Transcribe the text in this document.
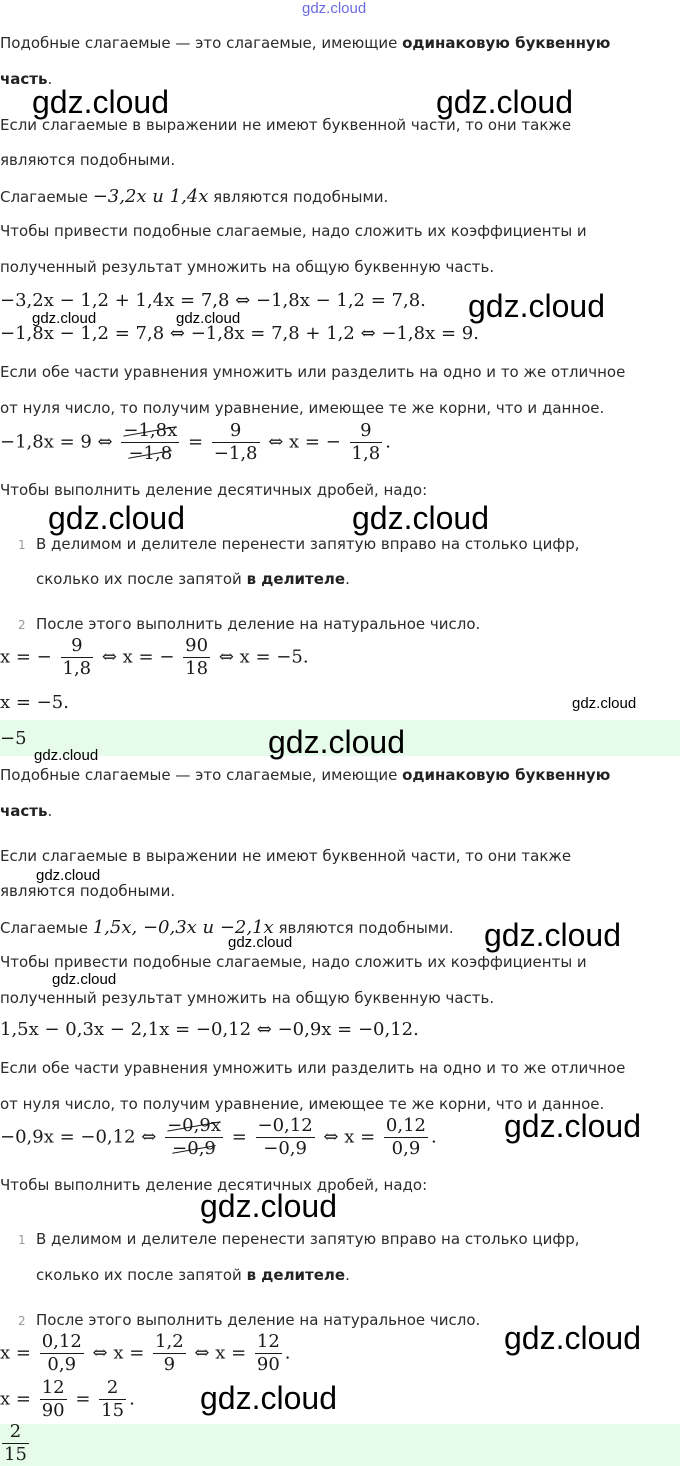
gdz.cloud
Подобные слагаемые — это слагаемые, имеющие одинаковую буквенную
часть.
Если слагаемые в выражении не имеют буквенной части, то они также
являются подобными.
Слагаемые −3,2x и 1,4x являются подобными.
Чтобы привести подобные слагаемые, надо сложить их коэффициенты и
полученный результат умножить на общую буквенную часть.
−3,2x − 1,2 + 1,4x = 7,8 ⇔ −1,8x − 1,2 = 7,8.
−1,8x − 1,2 = 7,8 ⇔ −1,8x = 7,8 + 1,2 ⇔ −1,8x = 9.
Если обе части уравнения умножить или разделить на одно и то же отличное
от нуля число, то получим уравнение, имеющее те же корни, что и данное.
−1,8x = 9 ⇔ $\frac{-1,8x}{-1,8} = \frac{9}{-1,8}$ ⇔ x = − $\frac{9}{1,8}$ .
Чтобы выполнить деление десятичных дробей, надо:
1 В делимом и делителе перенести запятую вправо на столько цифр,
сколько их после запятой в делителе.
2 После этого выполнить деление на натуральное число.
x = − $\frac{9}{1,8}$ ⇔ x = − $\frac{90}{18}$ ⇔ x = −5.
x = −5.
−5
Подобные слагаемые — это слагаемые, имеющие одинаковую буквенную
часть.
Если слагаемые в выражении не имеют буквенной части, то они также
являются подобными.
Слагаемые 1,5x, −0,3x и −2,1x являются подобными.
Чтобы привести подобные слагаемые, надо сложить их коэффициенты и
полученный результат умножить на общую буквенную часть.
1,5x − 0,3x − 2,1x = −0,12 ⇔ −0,9x = −0,12.
Если обе части уравнения умножить или разделить на одно и то же отличное
от нуля число, то получим уравнение, имеющее те же корни, что и данное.
−0,9x = −0,12 ⇔ $\frac{-0,9x}{-0,9} = \frac{-0,12}{-0,9}$ ⇔ $x = \frac{0,12}{0,9}$ .
Чтобы выполнить деление десятичных дробей, надо:
1 В делимом и делителе перенести запятую вправо на столько цифр,
сколько их после запятой в делителе.
2 После этого выполнить деление на натуральное число.
$x = \frac{0,12}{0,9}$ ⇔ $x = \frac{1,2}{9}$ ⇔ $x = \frac{12}{90}$ .
$x = \frac{12}{90} = \frac{2}{15}$ .
$\frac{2}{15}$
gdz.cloud	gdz.cloud
gdz.cloud
gdz.cloud	gdz.cloud
gdz.cloud	gdz.cloud
gdz.cloud
gdz.cloud
gdz.cloud
gdz.cloud
gdz.cloud
gdz.cloud
gdz.cloud
gdz.cloud
gdz.cloud
gdz.cloud
gdz.cloud
